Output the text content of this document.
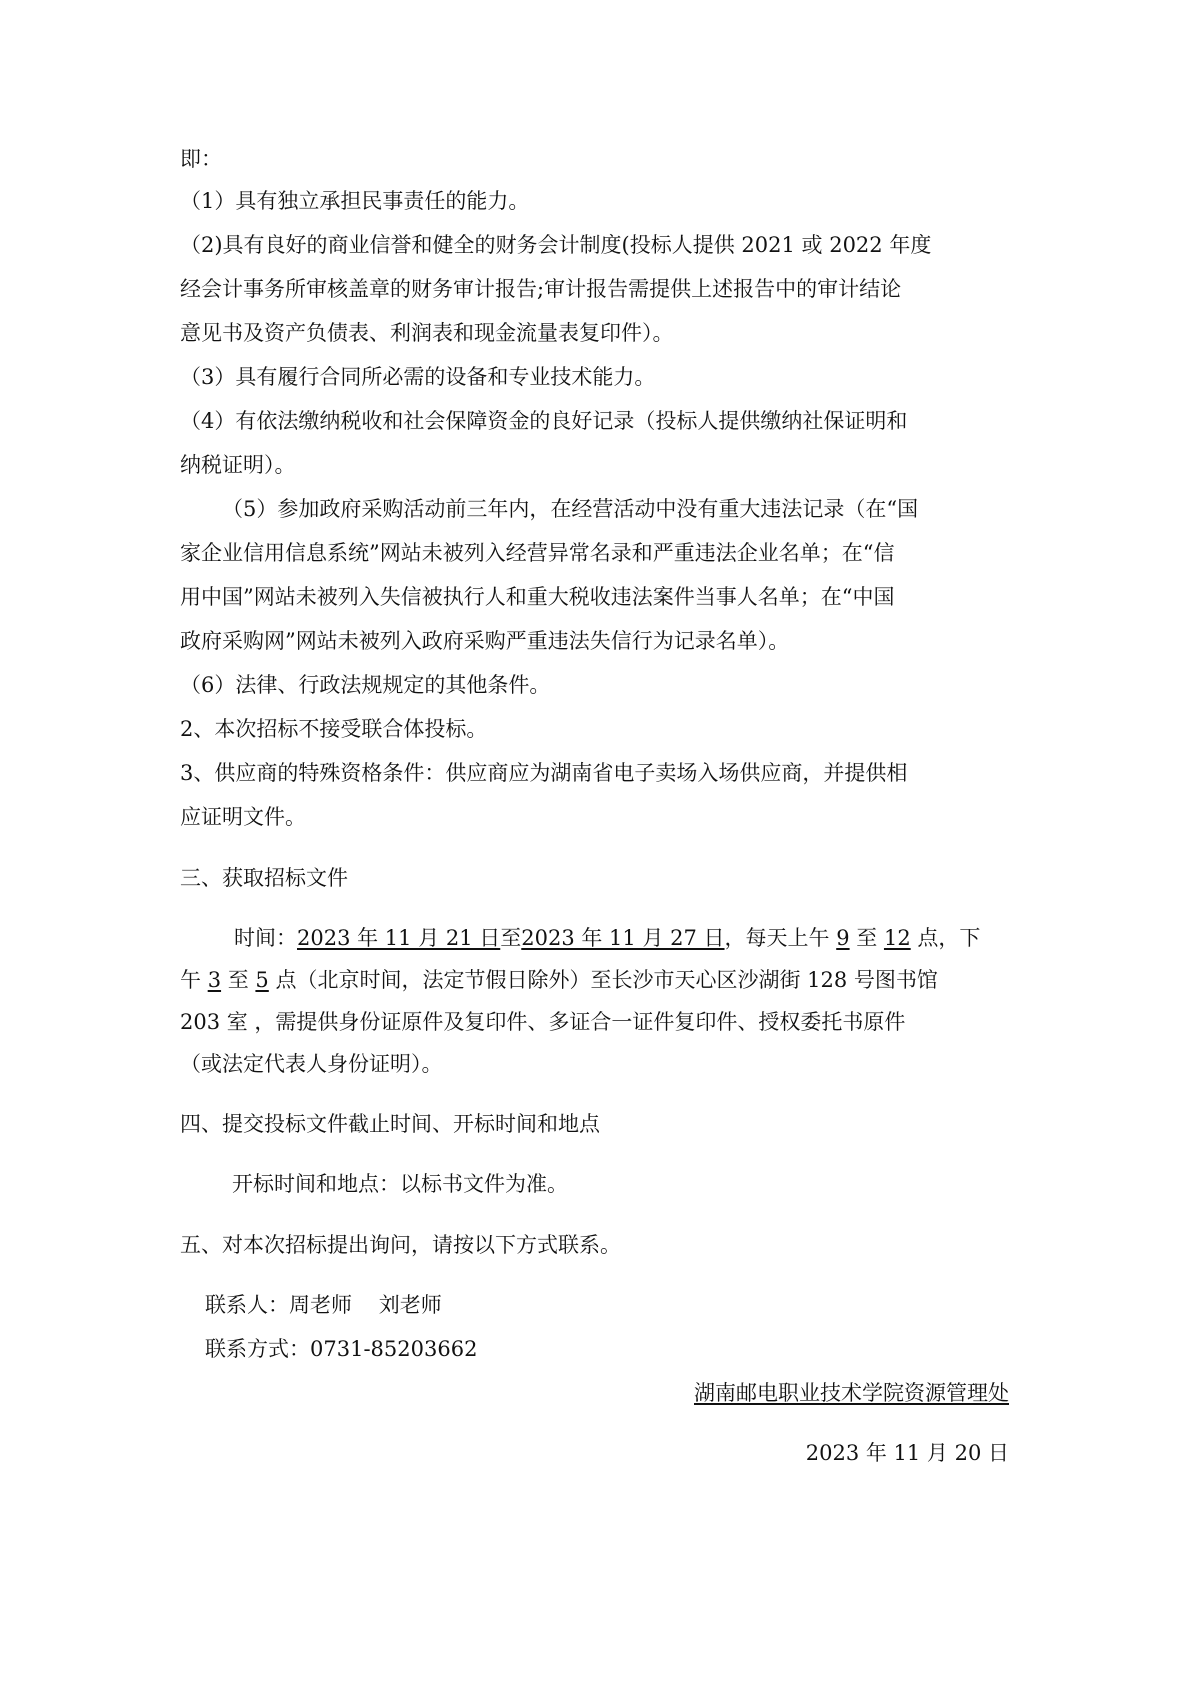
即：
（1）具有独立承担民事责任的能力。
（2)具有良好的商业信誉和健全的财务会计制度(投标人提供 2021 或 2022 年度
经会计事务所审核盖章的财务审计报告;审计报告需提供上述报告中的审计结论
意见书及资产负债表、利润表和现金流量表复印件）。
（3）具有履行合同所必需的设备和专业技术能力。
（4）有依法缴纳税收和社会保障资金的良好记录（投标人提供缴纳社保证明和
纳税证明）。
（5）参加政府采购活动前三年内，在经营活动中没有重大违法记录（在“国
家企业信用信息系统”网站未被列入经营异常名录和严重违法企业名单；在“信
用中国”网站未被列入失信被执行人和重大税收违法案件当事人名单；在“中国
政府采购网”网站未被列入政府采购严重违法失信行为记录名单）。
（6）法律、行政法规规定的其他条件。
2、本次招标不接受联合体投标。
3、供应商的特殊资格条件：供应商应为湖南省电子卖场入场供应商，并提供相
应证明文件。
三、获取招标文件
时间：2023 年 11 月 21 日至2023 年 11 月 27 日，每天上午 9 至 12 点，下
午 3 至 5 点（北京时间，法定节假日除外）至长沙市天心区沙湖街 128 号图书馆
203 室 ，需提供身份证原件及复印件、多证合一证件复印件、授权委托书原件
（或法定代表人身份证明）。
四、提交投标文件截止时间、开标时间和地点
开标时间和地点：以标书文件为准。
五、对本次招标提出询问，请按以下方式联系。
联系人：周老师    刘老师
联系方式：0731-85203662
湖南邮电职业技术学院资源管理处
2023 年 11 月 20 日
